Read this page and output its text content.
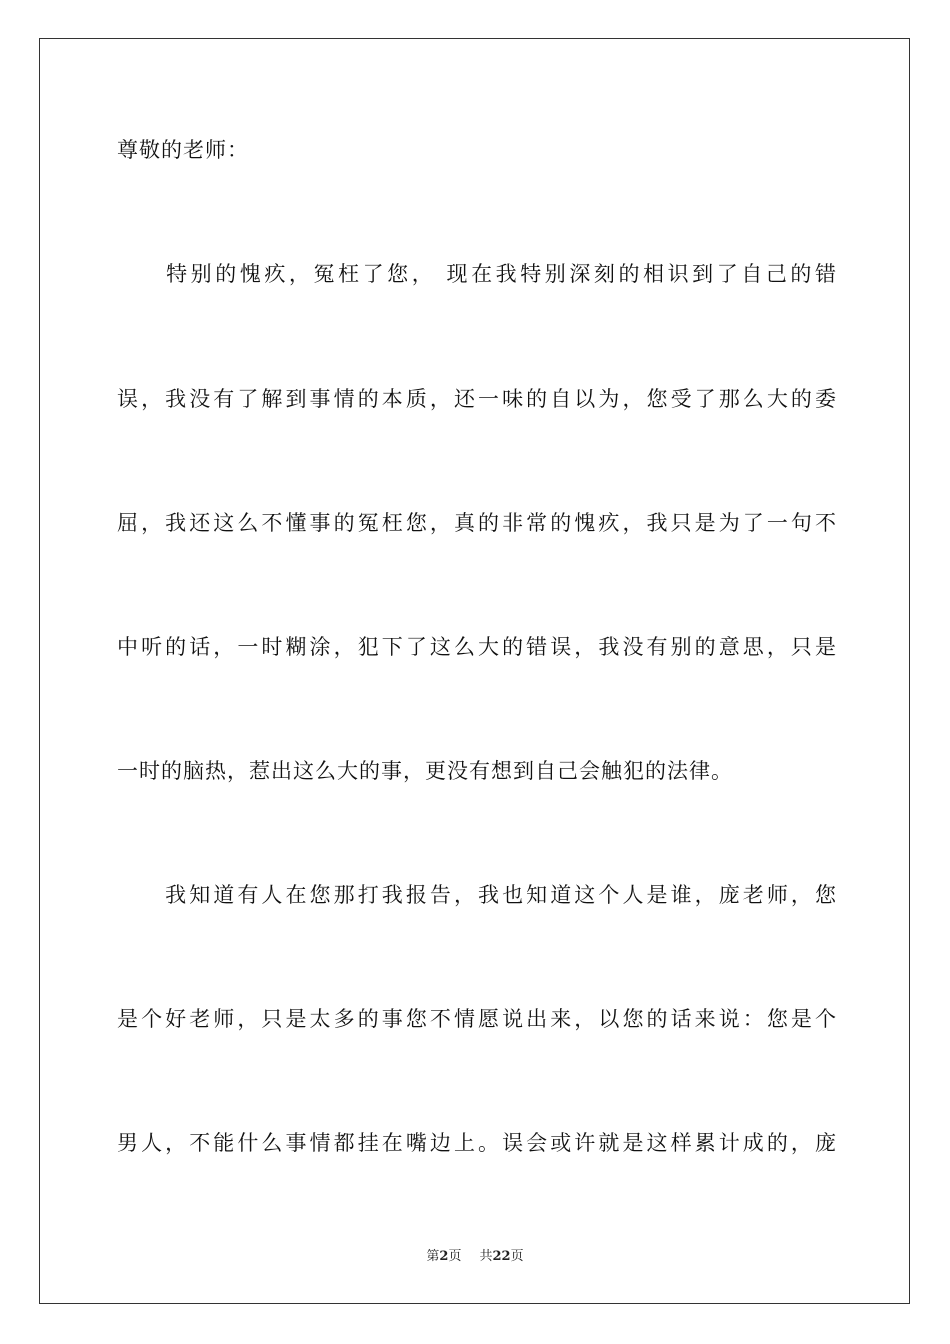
尊敬的老师：
　　特别的愧疚，冤枉了您， 现在我特别深刻的相识到了自己的错
误，我没有了解到事情的本质，还一味的自以为，您受了那么大的委
屈，我还这么不懂事的冤枉您，真的非常的愧疚，我只是为了一句不
中听的话，一时糊涂，犯下了这么大的错误，我没有别的意思，只是
一时的脑热，惹出这么大的事，更没有想到自己会触犯的法律。
　　我知道有人在您那打我报告，我也知道这个人是谁，庞老师，您
是个好老师，只是太多的事您不情愿说出来，以您的话来说：您是个
男人，不能什么事情都挂在嘴边上。误会或许就是这样累计成的，庞
第2页 共22页
